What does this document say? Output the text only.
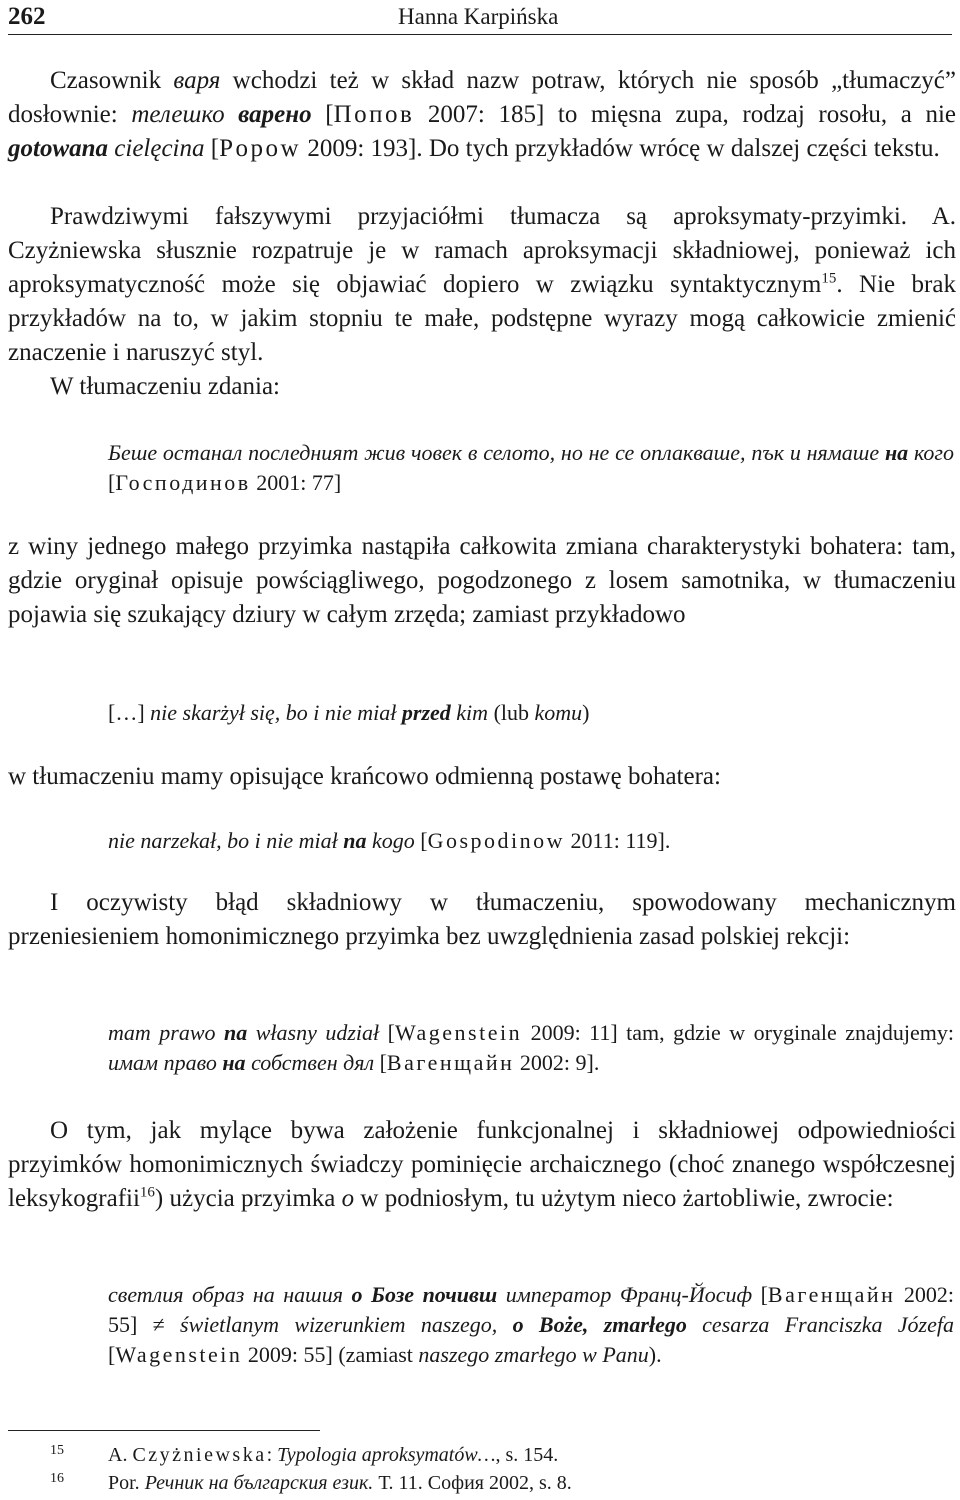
262	Hanna Karpińska

Czasownik варя wchodzi też w skład nazw potraw, których nie sposób „tłumaczyć” dosłownie: телешко варено [Попов 2007: 185] to mięsna zupa, rodzaj rosołu, a nie gotowana cielęcina [Popow 2009: 193]. Do tych przykładów wrócę w dalszej części tekstu.

Prawdziwymi fałszywymi przyjaciółmi tłumacza są aproksymaty-przyimki. A. Czyżniewska słusznie rozpatruje je w ramach aproksymacji składniowej, ponieważ ich aproksymatyczność może się objawiać dopiero w związku syntaktycznym$^{15}$. Nie brak przykładów na to, w jakim stopniu te małe, podstępne wyrazy mogą całkowicie zmienić znaczenie i naruszyć styl.

W tłumaczeniu zdania:

Беше останал последният жив човек в селото, но не се оплакваше, пък и нямаше на кого [Господинов 2001: 77]

z winy jednego małego przyimka nastąpiła całkowita zmiana charakterystyki bohatera: tam, gdzie oryginał opisuje powściągliwego, pogodzonego z losem samotnika, w tłumaczeniu pojawia się szukający dziury w całym zrzęda; zamiast przykładowo

[…] nie skarżył się, bo i nie miał przed kim (lub komu)

w tłumaczeniu mamy opisujące krańcowo odmienną postawę bohatera:

nie narzekał, bo i nie miał na kogo [Gospodinow 2011: 119].

I oczywisty błąd składniowy w tłumaczeniu, spowodowany mechanicznym przeniesieniem homonimicznego przyimka bez uwzględnienia zasad polskiej rekcji:

mam prawo na własny udział [Wagenstein 2009: 11] tam, gdzie w oryginale znajdujemy: имам право на собствен дял [Вагенщайн 2002: 9].

O tym, jak mylące bywa założenie funkcjonalnej i składniowej odpowiedniości przyimków homonimicznych świadczy pominięcie archaicznego (choć znanego współczesnej leksykografii$^{16}$) użycia przyimka o w podniosłym, tu użytym nieco żartobliwie, zwrocie:

светлия образ на нашия о Бозе почивш император Франц-Йосиф [Вагенщайн 2002: 55] ≠ świetlanym wizerunkiem naszego, o Boże, zmarłego cesarza Franciszka Józefa [Wagenstein 2009: 55] (zamiast naszego zmarłego w Panu).

15 A. Czyżniewska: Typologia aproksymatów…, s. 154.

16 Por. Речник на българския език. Т. 11. София 2002, s. 8.
